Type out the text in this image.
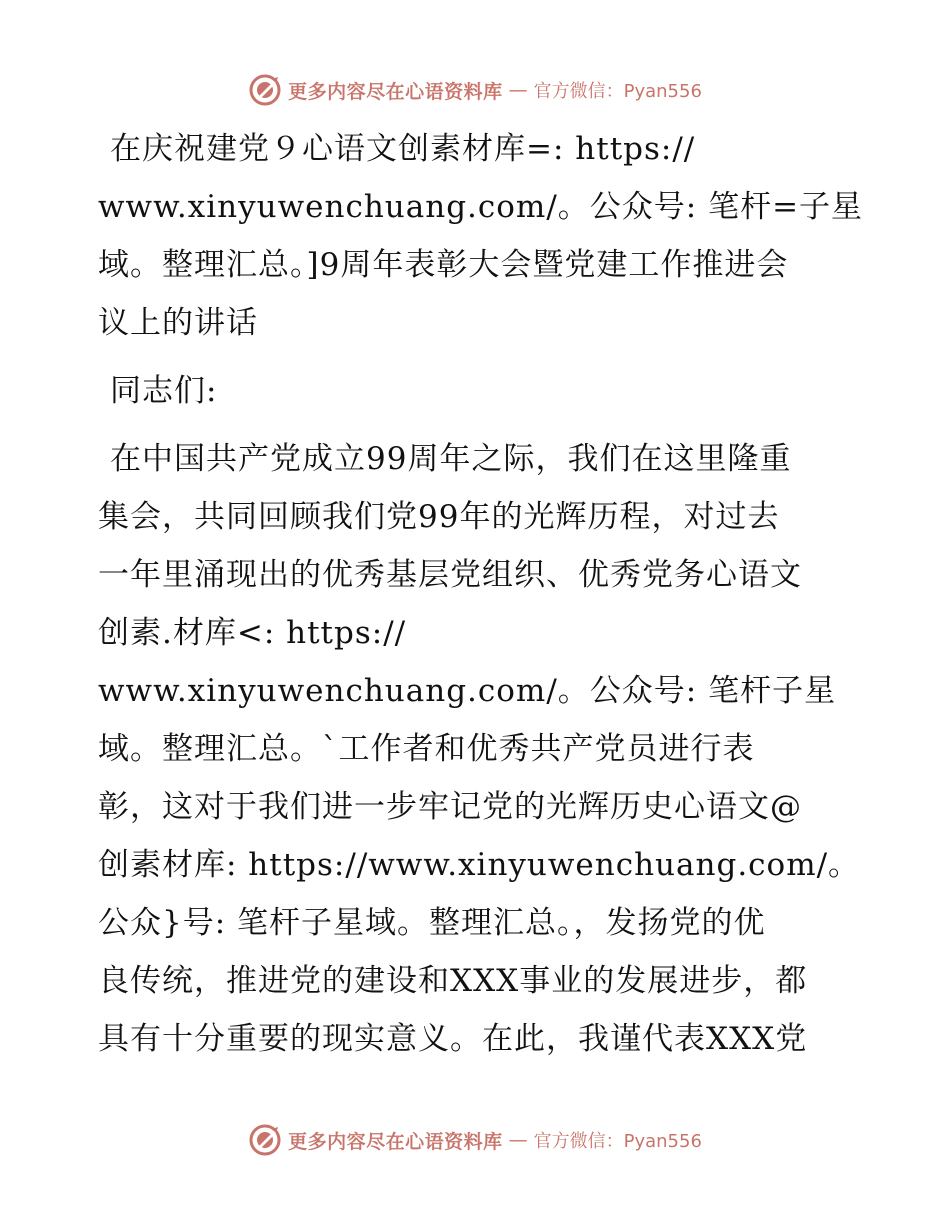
更多内容尽在心语资料库 — 官方微信：Pyan556
在庆祝建党９心语文创素材库=: https://
www.xinyuwenchuang.com/。公众号: 笔杆=子星
域。整理汇总。]9周年表彰大会暨党建工作推进会
议上的讲话
同志们:
在中国共产党成立99周年之际，我们在这里隆重
集会，共同回顾我们党99年的光辉历程，对过去
一年里涌现出的优秀基层党组织、优秀党务心语文
创素.材库<: https://
www.xinyuwenchuang.com/。公众号: 笔杆子星
域。整理汇总。`工作者和优秀共产党员进行表
彰，这对于我们进一步牢记党的光辉历史心语文@
创素材库: https://www.xinyuwenchuang.com/。
公众}号: 笔杆子星域。整理汇总。，发扬党的优
良传统，推进党的建设和XXX事业的发展进步，都
具有十分重要的现实意义。在此，我谨代表XXX党
更多内容尽在心语资料库 — 官方微信：Pyan556
